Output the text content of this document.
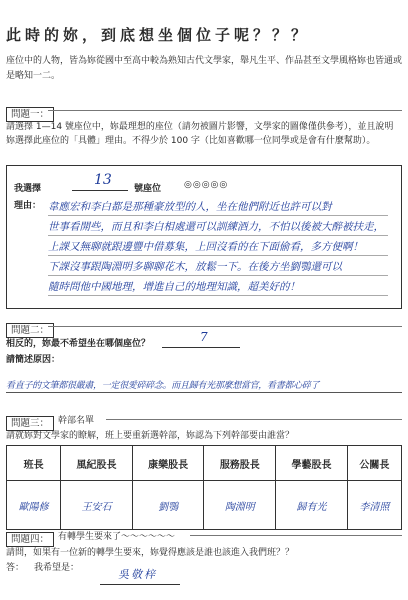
此時的妳，到底想坐個位子呢？？？
座位中的人物，皆為妳從國中至高中較為熟知古代文學家，舉凡生平、作品甚至文學風格妳也皆通或是略知一二。
問題一：
請選擇 1—14 號座位中，妳最理想的座位（請勿被圖片影響，文學家的圖像僅供參考），並且說明妳選擇此座位的「具體」理由。不得少於 100 字（比如喜歡哪一位同學或是會有什麼幫助）。
我選擇
13
號座位	◎◎◎◎◎
理由： 韋應宏和李白都是那種豪放型的人，坐在他們附近也許可以對
世事看開些，而且和李白相處還可以訓練酒力，不怕以後被大醉被扶走，
上課又無聊就跟邊豐中借募集，上回沒看的在下面偷看，多方便啊！
下課沒事跟陶淵明多聊聊花木，放鬆一下。在後方坐劉鶚還可以
隨時問他中國地理，增進自己的地理知識，超美好的！
問題二：
相反的，妳最不希望坐在哪個座位？	7
請簡述原因：
看直子的文筆都很嚴肅，一定很愛碎碎念。而且歸有光那麼想當官，看書都心碎了
問題三： 幹部名單
請就妳對文學家的瞭解，班上要重新選幹部，妳認為下列幹部要由誰當？
班長	風紀股長	康樂股長	服務股長	學藝股長	公關長
歐陽修	王安石	劉鶚	陶淵明	歸有光	李清照
問題四： 有轉學生要來了～～～～～～
請問，如果有一位新的轉學生要來，妳覺得應該是誰也該進入我們班？？
答： 我希望是：	吳敬梓
